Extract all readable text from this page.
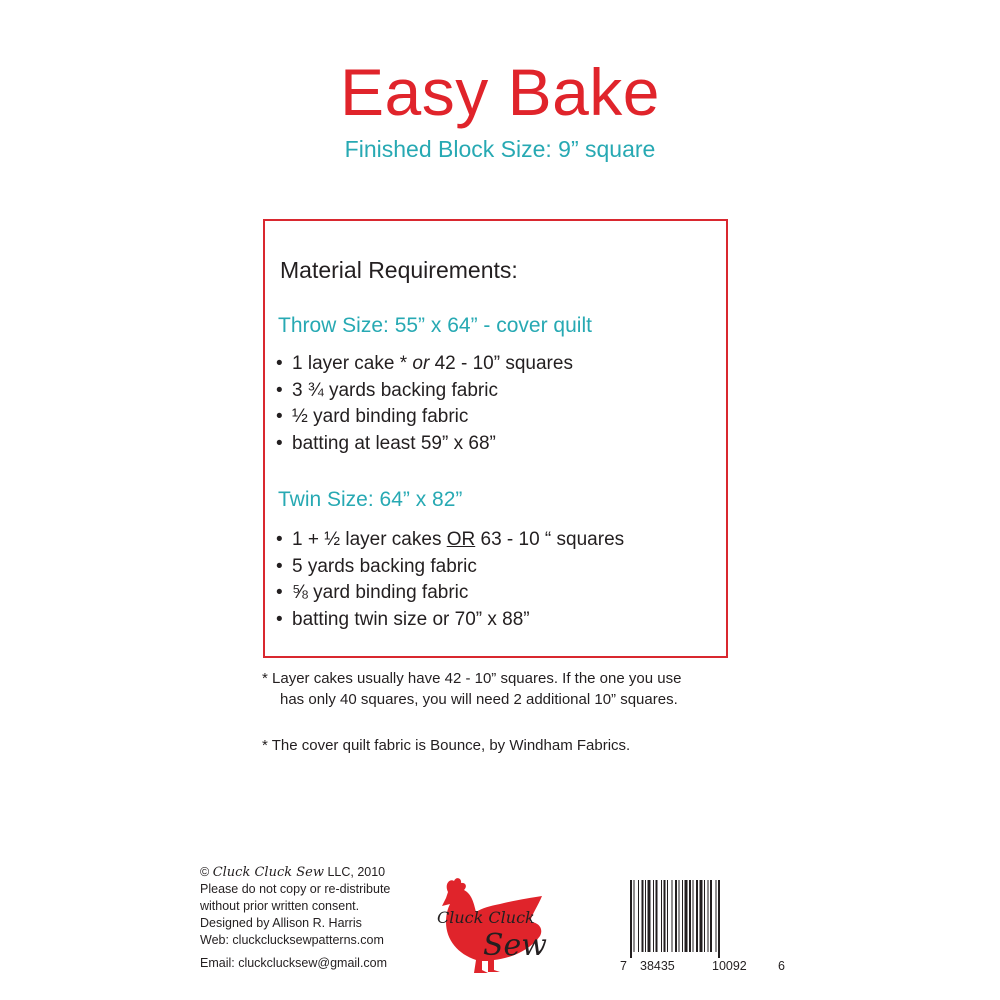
Easy Bake
Finished Block Size: 9” square
Material Requirements:
Throw Size: 55” x 64” - cover quilt
• 1 layer cake * or 42 - 10” squares
• 3 ¾ yards backing fabric
• ½ yard binding fabric
• batting at least 59” x 68”
Twin Size: 64” x 82”
• 1 + ½ layer cakes OR 63 - 10 “ squares
• 5 yards backing fabric
• ⅝ yard binding fabric
• batting twin size or 70” x 88”
* Layer cakes usually have 42 - 10” squares. If the one you use
has only 40 squares, you will need 2 additional 10” squares.
* The cover quilt fabric is Bounce, by Windham Fabrics.
© Cluck Cluck Sew LLC, 2010
Please do not copy or re-distribute
without prior written consent.
Designed by Allison R. Harris
Web: cluckclucksewpatterns.com
Email: cluckclucksew@gmail.com
Cluck Cluck
Sew
7 38435	10092 6
